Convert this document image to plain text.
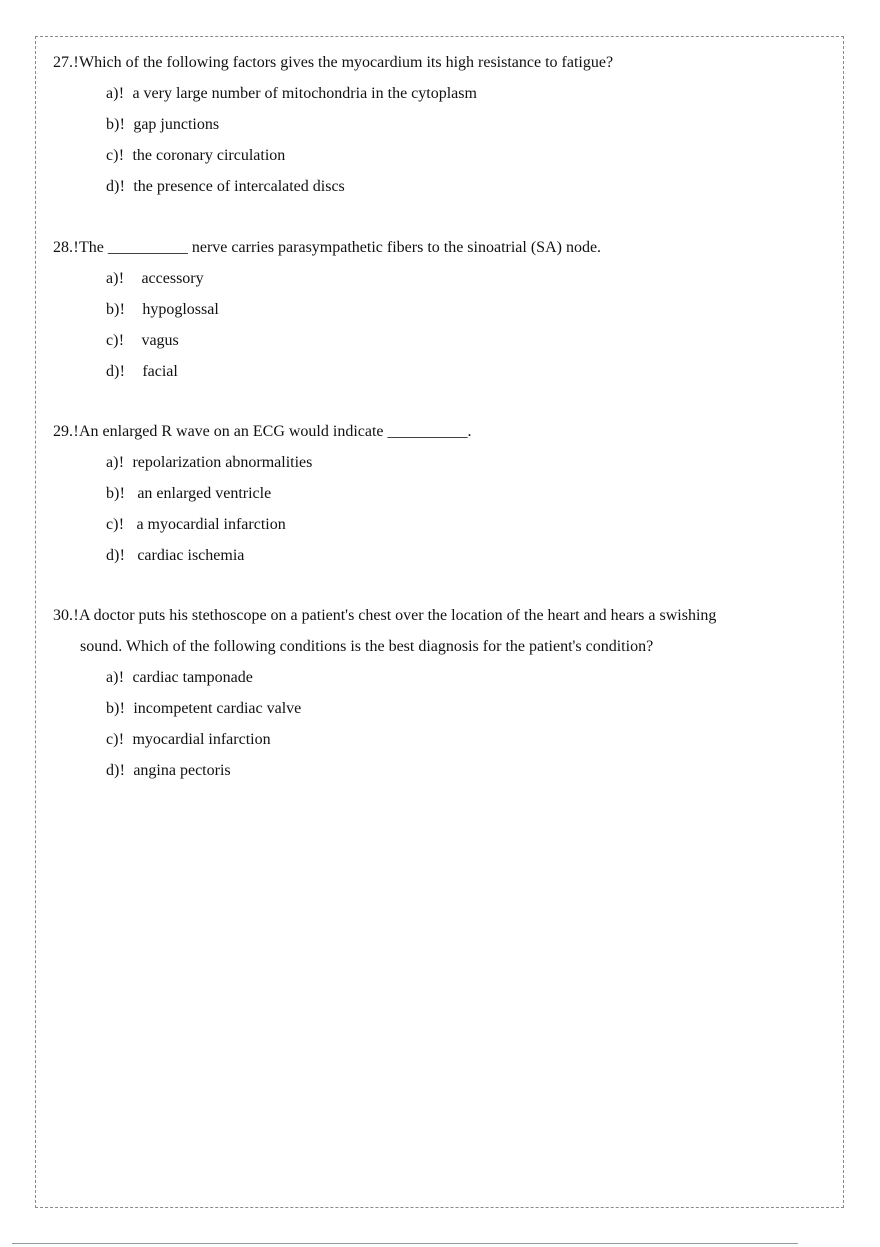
27.!Which of the following factors gives the myocardium its high resistance to fatigue?
a)! a very large number of mitochondria in the cytoplasm
b)! gap junctions
c)! the coronary circulation
d)! the presence of intercalated discs
28.!The __________ nerve carries parasympathetic fibers to the sinoatrial (SA) node.
a)! accessory
b)! hypoglossal
c)! vagus
d)! facial
29.!An enlarged R wave on an ECG would indicate __________.
a)! repolarization abnormalities
b)! an enlarged ventricle
c)! a myocardial infarction
d)! cardiac ischemia
30.!A doctor puts his stethoscope on a patient's chest over the location of the heart and hears a swishing
sound. Which of the following conditions is the best diagnosis for the patient's condition?
a)! cardiac tamponade
b)! incompetent cardiac valve
c)! myocardial infarction
d)! angina pectoris
